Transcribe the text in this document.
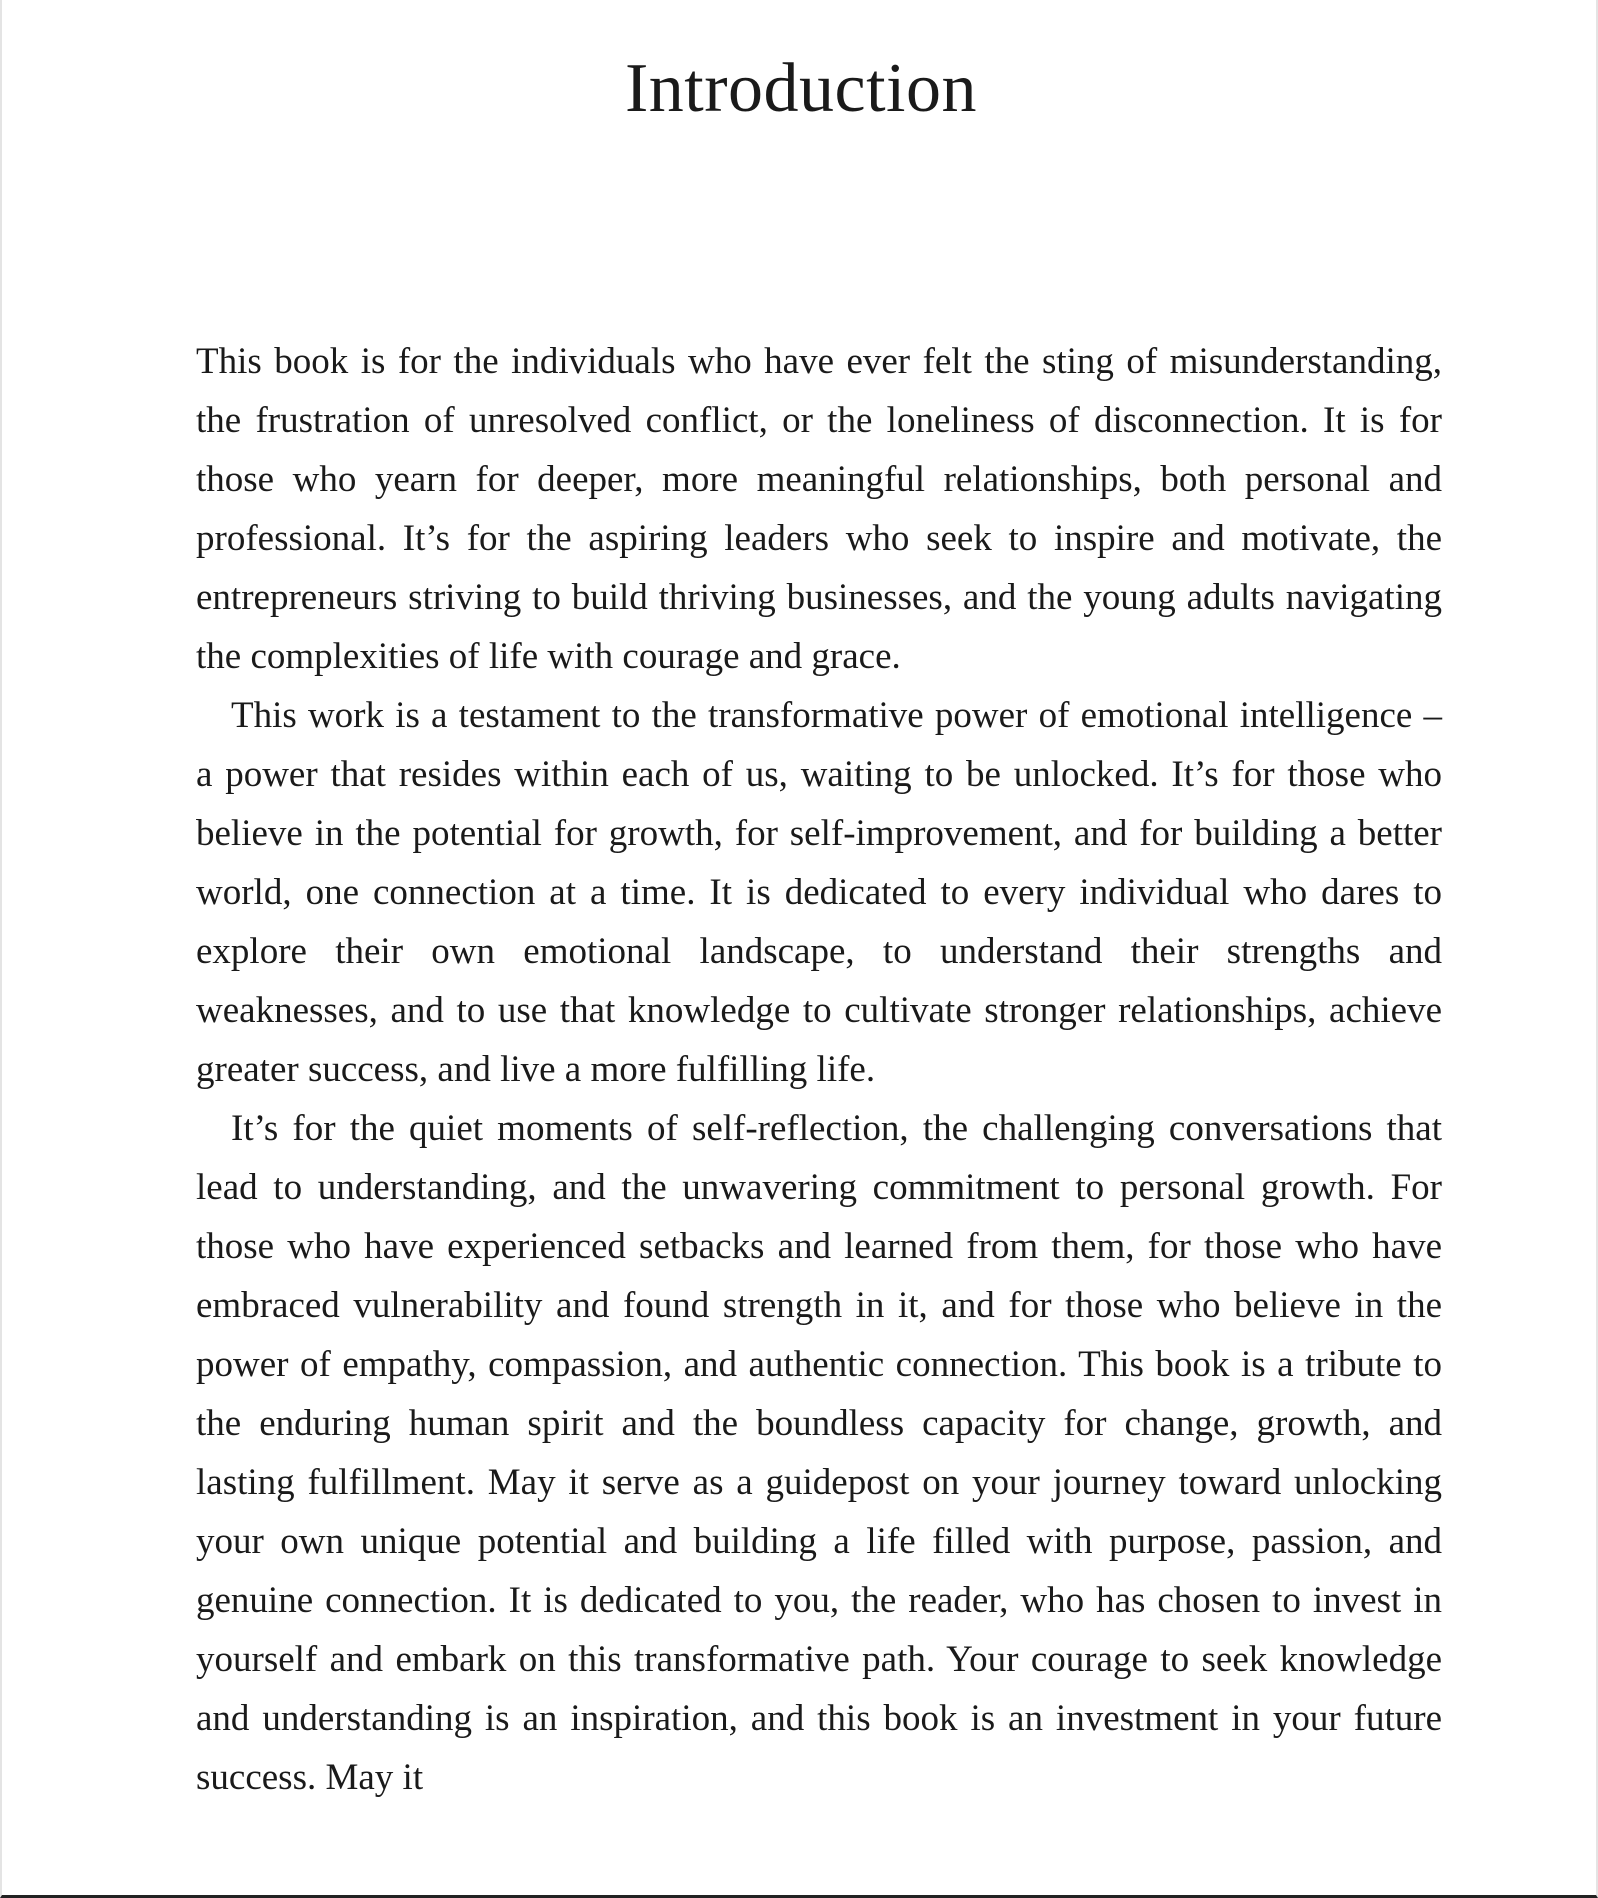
Introduction

This book is for the individuals who have ever felt the sting of misunderstanding, the frustration of unresolved conflict, or the loneliness of disconnection. It is for those who yearn for deeper, more meaningful relationships, both personal and professional. It’s for the aspiring leaders who seek to inspire and motivate, the entrepreneurs striving to build thriving businesses, and the young adults navigating the complexities of life with courage and grace.

This work is a testament to the transformative power of emotional intelligence – a power that resides within each of us, waiting to be unlocked. It’s for those who believe in the potential for growth, for self-improvement, and for building a better world, one connection at a time. It is dedicated to every individual who dares to explore their own emotional landscape, to understand their strengths and weaknesses, and to use that knowledge to cultivate stronger relationships, achieve greater success, and live a more fulfilling life.

It’s for the quiet moments of self-reflection, the challenging conversations that lead to understanding, and the unwavering commitment to personal growth. For those who have experienced setbacks and learned from them, for those who have embraced vulnerability and found strength in it, and for those who believe in the power of empathy, compassion, and authentic connection. This book is a tribute to the enduring human spirit and the boundless capacity for change, growth, and lasting fulfillment. May it serve as a guidepost on your journey toward unlocking your own unique potential and building a life filled with purpose, passion, and genuine connection. It is dedicated to you, the reader, who has chosen to invest in yourself and embark on this transformative path. Your courage to seek knowledge and understanding is an inspiration, and this book is an investment in your future success. May it
